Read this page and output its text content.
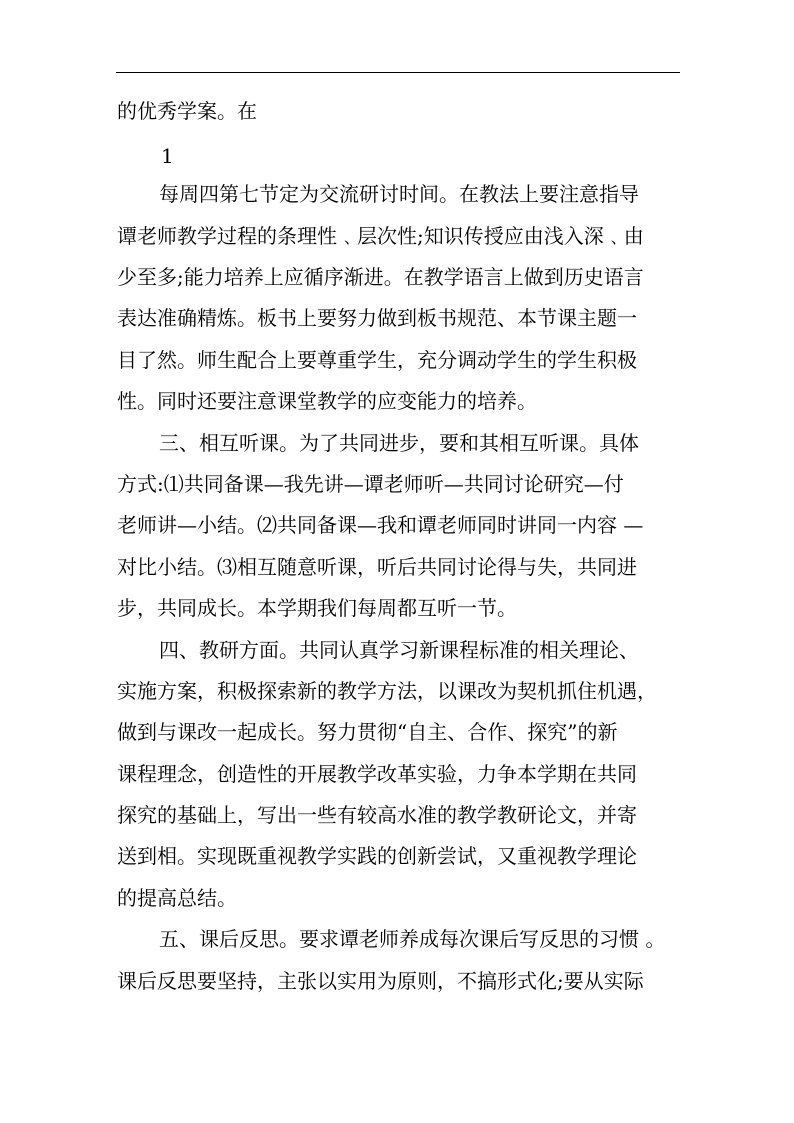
的优秀学案。在
1
每周四第七节定为交流研讨时间。在教法上要注意指导
谭老师教学过程的条理性﹑层次性;知识传授应由浅入深﹑由
少至多;能力培养上应循序渐进。在教学语言上做到历史语言
表达准确精炼。板书上要努力做到板书规范、本节课主题一
目了然。师生配合上要尊重学生，充分调动学生的学生积极
性。同时还要注意课堂教学的应变能力的培养。
三、相互听课。为了共同进步，要和其相互听课。具体
方式:⑴共同备课—我先讲—谭老师听—共同讨论研究—付
老师讲—小结。⑵共同备课—我和谭老师同时讲同一内容 —
对比小结。⑶相互随意听课，听后共同讨论得与失，共同进
步，共同成长。本学期我们每周都互听一节。
四、教研方面。共同认真学习新课程标准的相关理论、
实施方案，积极探索新的教学方法，以课改为契机抓住机遇，
做到与课改一起成长。努力贯彻“自主、合作、探究”的新
课程理念，创造性的开展教学改革实验，力争本学期在共同
探究的基础上，写出一些有较高水准的教学教研论文，并寄
送到相。实现既重视教学实践的创新尝试，又重视教学理论
的提高总结。
五、课后反思。要求谭老师养成每次课后写反思的习惯 。
课后反思要坚持，主张以实用为原则，不搞形式化;要从实际
